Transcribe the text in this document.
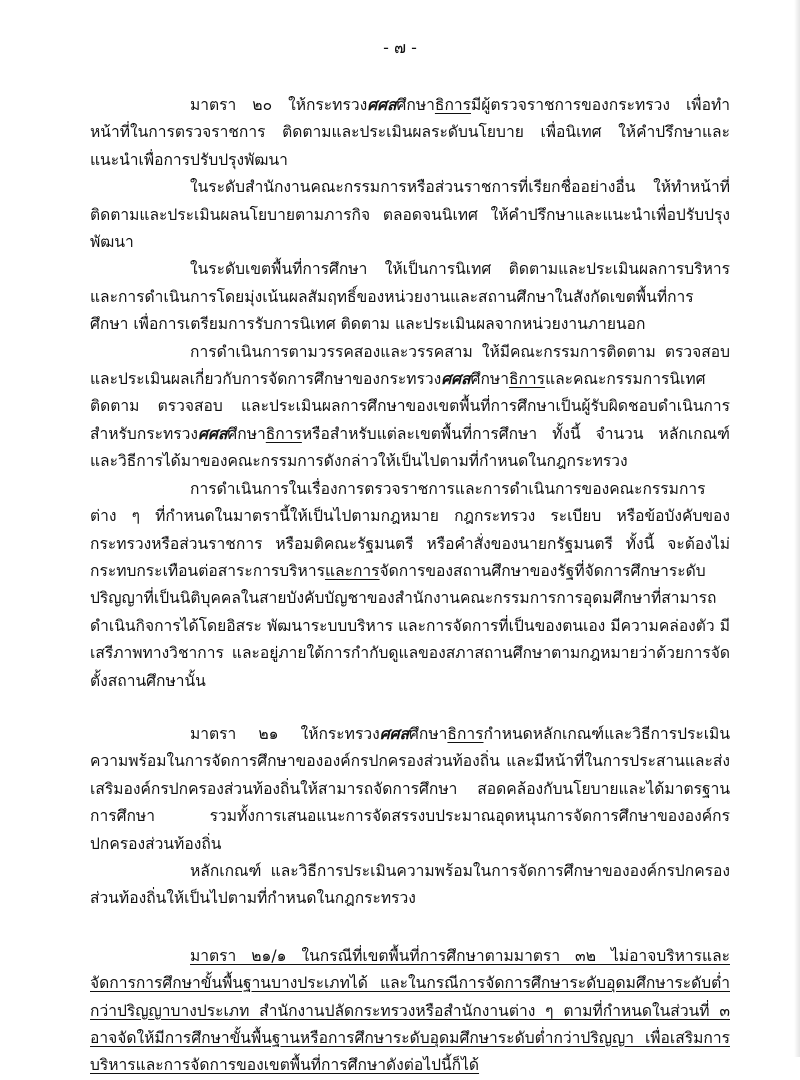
- ๗ -

มาตรา ๒๐ ให้กระทรวงศศสศึกษาธิการมีผู้ตรวจราชการของกระทรวง เพื่อทำหน้าที่ในการตรวจราชการ ติดตามและประเมินผลระดับนโยบาย เพื่อนิเทศ ให้คำปรึกษาและแนะนำเพื่อการปรับปรุงพัฒนา

ในระดับสำนักงานคณะกรรมการหรือส่วนราชการที่เรียกชื่ออย่างอื่น ให้ทำหน้าที่ติดตามและประเมินผลนโยบายตามภารกิจ ตลอดจนนิเทศ ให้คำปรึกษาและแนะนำเพื่อปรับปรุงพัฒนา

ในระดับเขตพื้นที่การศึกษา ให้เป็นการนิเทศ ติดตามและประเมินผลการบริหารและการดำเนินการโดยมุ่งเน้นผลสัมฤทธิ์ของหน่วยงานและสถานศึกษาในสังกัดเขตพื้นที่การศึกษา เพื่อการเตรียมการรับการนิเทศ ติดตาม และประเมินผลจากหน่วยงานภายนอก

การดำเนินการตามวรรคสองและวรรคสาม ให้มีคณะกรรมการติดตาม ตรวจสอบและประเมินผลเกี่ยวกับการจัดการศึกษาของกระทรวงศศสศึกษาธิการและคณะกรรมการนิเทศ ติดตาม ตรวจสอบ และประเมินผลการศึกษาของเขตพื้นที่การศึกษาเป็นผู้รับผิดชอบดำเนินการ สำหรับกระทรวงศศสศึกษาธิการหรือสำหรับแต่ละเขตพื้นที่การศึกษา ทั้งนี้ จำนวน หลักเกณฑ์ และวิธีการได้มาของคณะกรรมการดังกล่าวให้เป็นไปตามที่กำหนดในกฎกระทรวง

การดำเนินการในเรื่องการตรวจราชการและการดำเนินการของคณะกรรมการต่าง ๆ ที่กำหนดในมาตรานี้ให้เป็นไปตามกฎหมาย กฎกระทรวง ระเบียบ หรือข้อบังคับของกระทรวงหรือส่วนราชการ หรือมติคณะรัฐมนตรี หรือคำสั่งของนายกรัฐมนตรี ทั้งนี้ จะต้องไม่กระทบกระเทือนต่อสาระการบริหารและการจัดการของสถานศึกษาของรัฐที่จัดการศึกษาระดับปริญญาที่เป็นนิติบุคคลในสายบังคับบัญชาของสำนักงานคณะกรรมการการอุดมศึกษาที่สามารถดำเนินกิจการได้โดยอิสระ พัฒนาระบบบริหาร และการจัดการที่เป็นของตนเอง มีความคล่องตัว มีเสรีภาพทางวิชาการ และอยู่ภายใต้การกำกับดูแลของสภาสถานศึกษาตามกฎหมายว่าด้วยการจัดตั้งสถานศึกษานั้น

มาตรา ๒๑ ให้กระทรวงศศสศึกษาธิการกำหนดหลักเกณฑ์และวิธีการประเมินความพร้อมในการจัดการศึกษาขององค์กรปกครองส่วนท้องถิ่น และมีหน้าที่ในการประสานและส่งเสริมองค์กรปกครองส่วนท้องถิ่นให้สามารถจัดการศึกษา สอดคล้องกับนโยบายและได้มาตรฐานการศึกษา รวมทั้งการเสนอแนะการจัดสรรงบประมาณอุดหนุนการจัดการศึกษาขององค์กรปกครองส่วนท้องถิ่น

หลักเกณฑ์ และวิธีการประเมินความพร้อมในการจัดการศึกษาขององค์กรปกครองส่วนท้องถิ่นให้เป็นไปตามที่กำหนดในกฎกระทรวง

มาตรา ๒๑/๑ ในกรณีที่เขตพื้นที่การศึกษาตามมาตรา ๓๒ ไม่อาจบริหารและจัดการการศึกษาขั้นพื้นฐานบางประเภทได้ และในกรณีการจัดการศึกษาระดับอุดมศึกษาระดับต่ำกว่าปริญญาบางประเภท สำนักงานปลัดกระทรวงหรือสำนักงานต่าง ๆ ตามที่กำหนดในส่วนที่ ๓ อาจจัดให้มีการศึกษาขั้นพื้นฐานหรือการศึกษาระดับอุดมศึกษาระดับต่ำกว่าปริญญา เพื่อเสริมการบริหารและการจัดการของเขตพื้นที่การศึกษาดังต่อไปนี้ก็ได้
